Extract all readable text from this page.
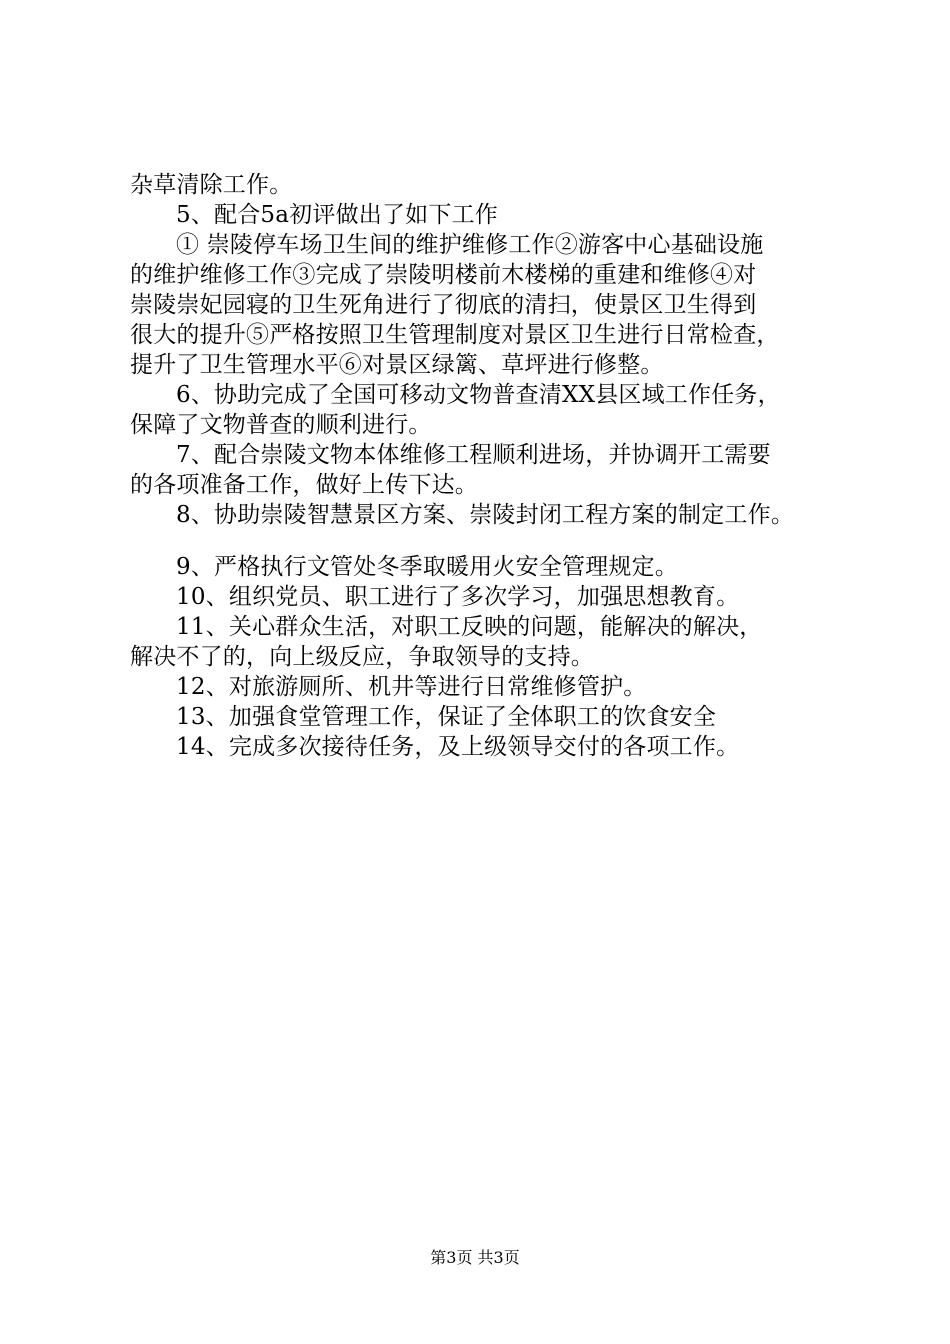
杂草清除工作。

5、配合5a初评做出了如下工作
① 崇陵停车场卫生间的维护维修工作②游客中心基础设施
的维护维修工作③完成了崇陵明楼前木楼梯的重建和维修④对
崇陵崇妃园寝的卫生死角进行了彻底的清扫，使景区卫生得到
很大的提升⑤严格按照卫生管理制度对景区卫生进行日常检查，
提升了卫生管理水平⑥对景区绿篱、草坪进行修整。

6、协助完成了全国可移动文物普查清XX县区域工作任务，
保障了文物普查的顺利进行。

7、配合崇陵文物本体维修工程顺利进场，并协调开工需要
的各项准备工作，做好上传下达。

8、协助崇陵智慧景区方案、崇陵封闭工程方案的制定工作。

9、严格执行文管处冬季取暖用火安全管理规定。

10、组织党员、职工进行了多次学习，加强思想教育。

11、关心群众生活，对职工反映的问题，能解决的解决，
解决不了的，向上级反应，争取领导的支持。

12、对旅游厕所、机井等进行日常维修管护。

13、加强食堂管理工作，保证了全体职工的饮食安全

14、完成多次接待任务，及上级领导交付的各项工作。

第3页 共3页
